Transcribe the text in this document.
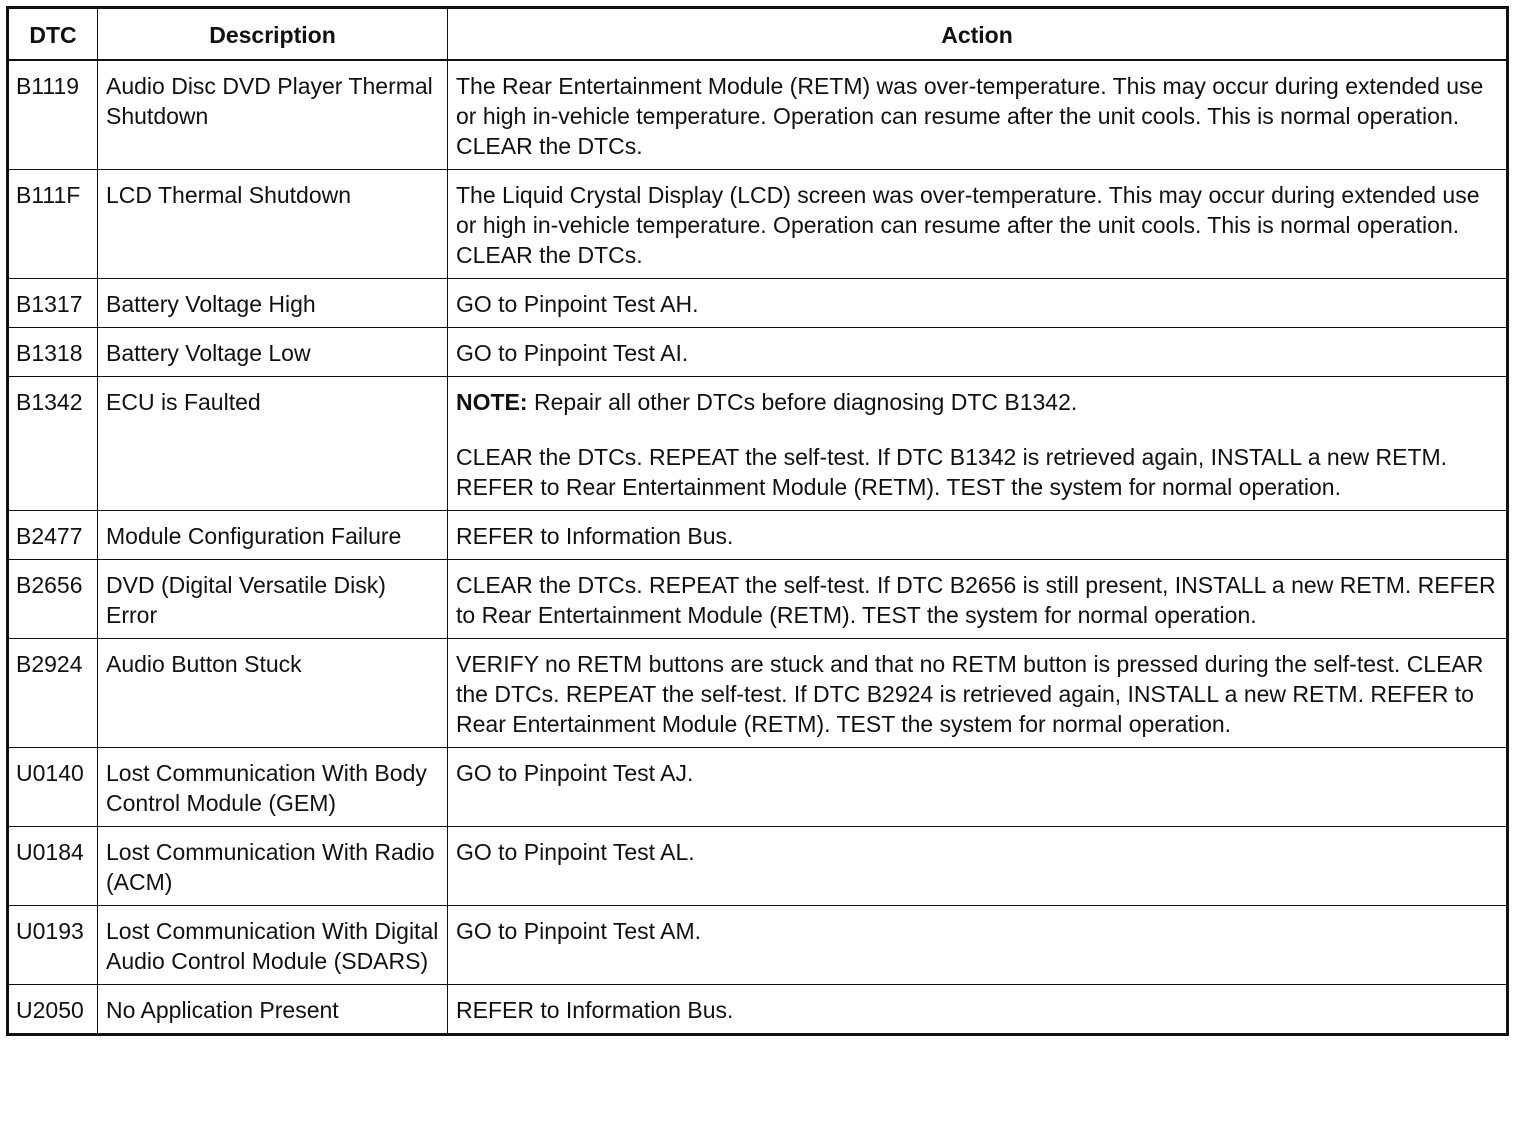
DTC	Description	Action
B1119	Audio Disc DVD Player Thermal Shutdown	The Rear Entertainment Module (RETM) was over-temperature. This may occur during extended use or high in-vehicle temperature. Operation can resume after the unit cools. This is normal operation. CLEAR the DTCs.
B111F	LCD Thermal Shutdown	The Liquid Crystal Display (LCD) screen was over-temperature. This may occur during extended use or high in-vehicle temperature. Operation can resume after the unit cools. This is normal operation. CLEAR the DTCs.
B1317	Battery Voltage High	GO to Pinpoint Test AH.
B1318	Battery Voltage Low	GO to Pinpoint Test AI.
B1342	ECU is Faulted	NOTE: Repair all other DTCs before diagnosing DTC B1342.
CLEAR the DTCs. REPEAT the self-test. If DTC B1342 is retrieved again, INSTALL a new RETM. REFER to Rear Entertainment Module (RETM). TEST the system for normal operation.

B2477	Module Configuration Failure	REFER to Information Bus.
B2656	DVD (Digital Versatile Disk) Error	CLEAR the DTCs. REPEAT the self-test. If DTC B2656 is still present, INSTALL a new RETM. REFER to Rear Entertainment Module (RETM). TEST the system for normal operation.
B2924	Audio Button Stuck	VERIFY no RETM buttons are stuck and that no RETM button is pressed during the self-test. CLEAR the DTCs. REPEAT the self-test. If DTC B2924 is retrieved again, INSTALL a new RETM. REFER to Rear Entertainment Module (RETM). TEST the system for normal operation.
U0140	Lost Communication With Body Control Module (GEM)	GO to Pinpoint Test AJ.
U0184	Lost Communication With Radio (ACM)	GO to Pinpoint Test AL.
U0193	Lost Communication With Digital Audio Control Module (SDARS)	GO to Pinpoint Test AM.
U2050	No Application Present	REFER to Information Bus.
